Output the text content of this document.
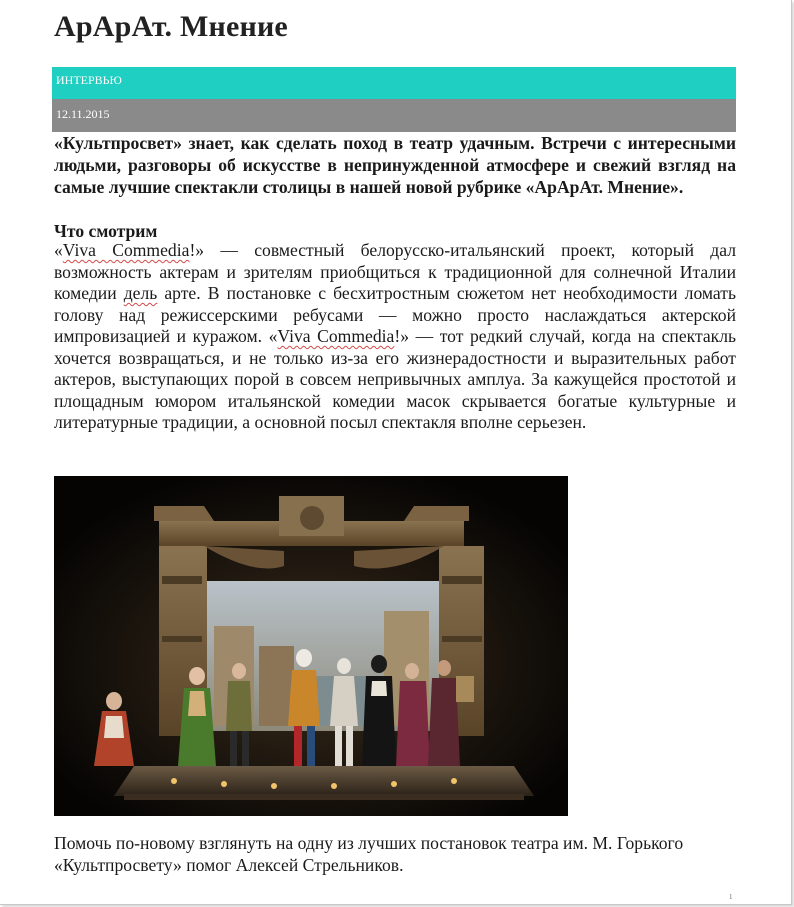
АрАрАт. Мнение
ИНТЕРВЬЮ
12.11.2015

«Культпросвет» знает, как сделать поход в театр удачным. Встречи с интересными людьми, разговоры об искусстве в непринужденной атмосфере и свежий взгляд на самые лучшие спектакли столицы в нашей новой рубрике «АрАрАт. Мнение».

Что смотрим

«Viva Commedia!» — совместный белорусско-итальянский проект, который дал возможность актерам и зрителям приобщиться к традиционной для солнечной Италии комедии дель арте. В постановке с бесхитростным сюжетом нет необходимости ломать голову над режиссерскими ребусами — можно просто наслаждаться актерской импровизацией и куражом. «Viva Commedia!» — тот редкий случай, когда на спектакль хочется возвращаться, и не только из-за его жизнерадостности и выразительных работ актеров, выступающих порой в совсем непривычных амплуа. За кажущейся простотой и площадным юмором итальянской комедии масок скрывается богатые культурные и литературные традиции, а основной посыл спектакля вполне серьезен.

Помочь по-новому взглянуть на одну из лучших постановок театра им. М. Горького «Культпросвету» помог Алексей Стрельников.

1
